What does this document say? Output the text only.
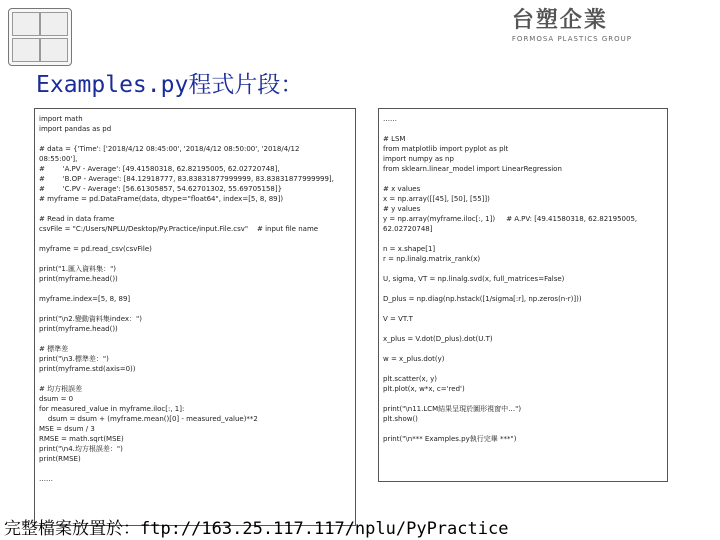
台塑企業
FORMOSA PLASTICS GROUP
Examples.py程式片段：
import math
import pandas as pd

# data = {'Time': ['2018/4/12 08:45:00', '2018/4/12 08:50:00', '2018/4/12
08:55:00'],
#        'A.PV - Average': [49.41580318, 62.82195005, 62.02720748],
#        'B.OP - Average': [84.12918777, 83.83831877999999, 83.83831877999999],
#        'C.PV - Average': [56.61305857, 54.62701302, 55.69705158]}
# myframe = pd.DataFrame(data, dtype="float64", index=[5, 8, 89])

# Read in data frame
csvFile = "C:/Users/NPLU/Desktop/Py.Practice/input.File.csv"    # input file name

myframe = pd.read_csv(csvFile)

print("1.匯入資料集：")
print(myframe.head())

myframe.index=[5, 8, 89]

print("\n2.變動資料集index：")
print(myframe.head())

# 標準差
print("\n3.標準差：")
print(myframe.std(axis=0))

# 均方根誤差
dsum = 0
for measured_value in myframe.iloc[:, 1]:
dsum = dsum + (myframe.mean()[0] - measured_value)**2
MSE = dsum / 3
RMSE = math.sqrt(MSE)
print("\n4.均方根誤差：")
print(RMSE)

……
……

# LSM
from matplotlib import pyplot as plt
import numpy as np
from sklearn.linear_model import LinearRegression

# x values
x = np.array([[45], [50], [55]])
# y values
y = np.array(myframe.iloc[:, 1])     # A.PV: [49.41580318, 62.82195005,
62.02720748]

n = x.shape[1]
r = np.linalg.matrix_rank(x)

U, sigma, VT = np.linalg.svd(x, full_matrices=False)

D_plus = np.diag(np.hstack([1/sigma[:r], np.zeros(n-r)]))

V = VT.T

x_plus = V.dot(D_plus).dot(U.T)

w = x_plus.dot(y)

plt.scatter(x, y)
plt.plot(x, w*x, c='red')

print("\n11.LCM結果呈現於圖形視窗中…")
plt.show()

print("\n*** Examples.py執行完畢 ***")
完整檔案放置於：ftp://163.25.117.117/nplu/PyPractice
